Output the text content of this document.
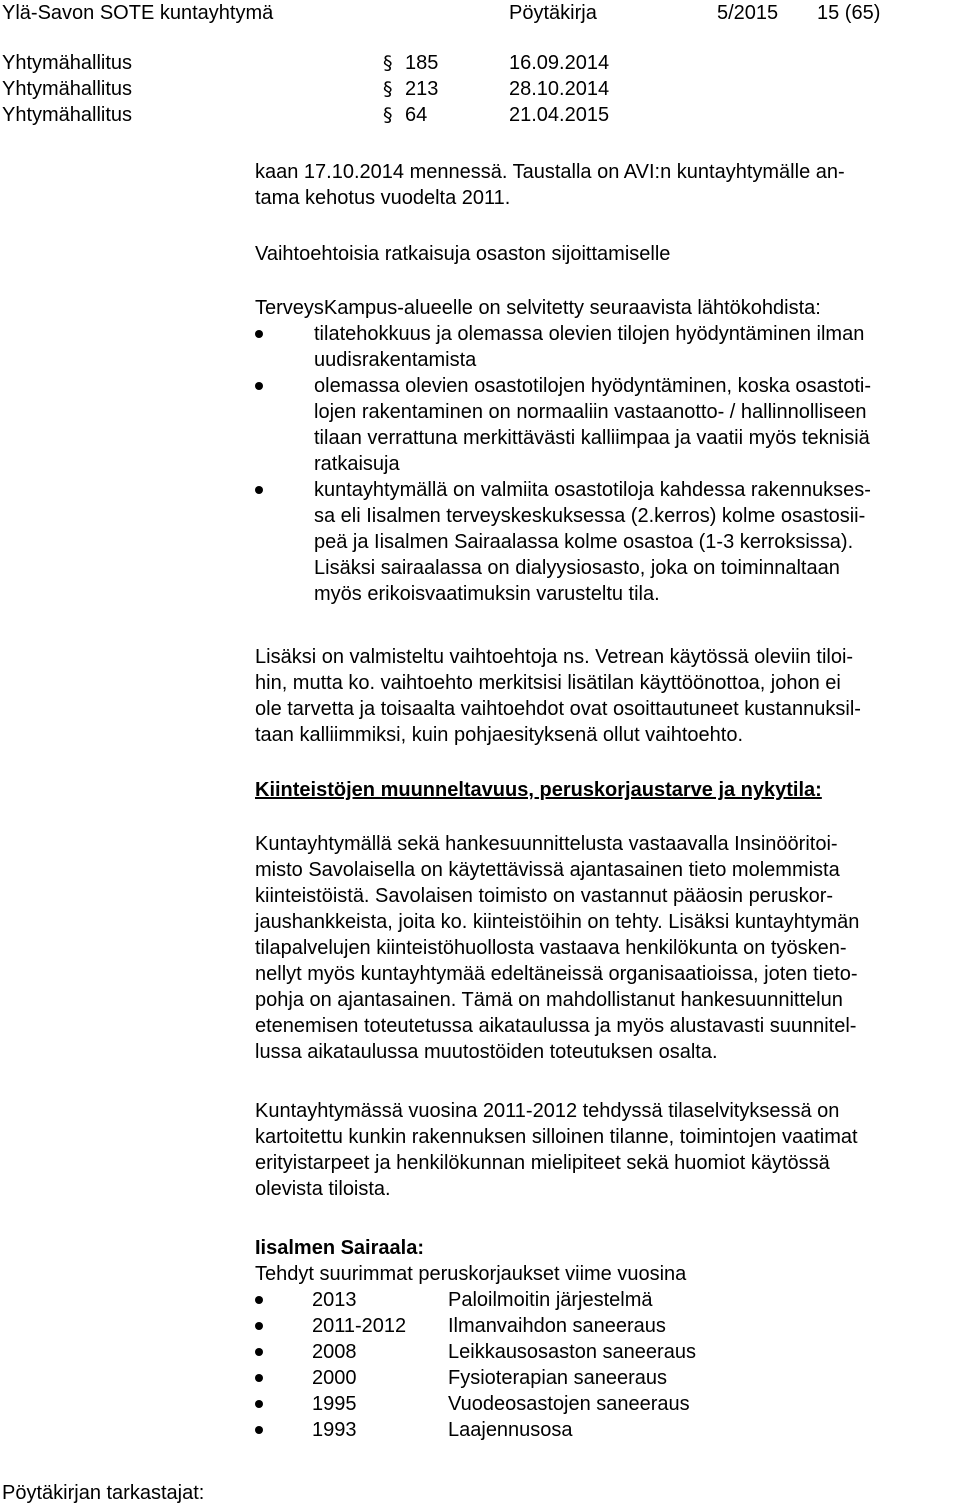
Ylä-Savon SOTE kuntayhtymä	Pöytäkirja	5/2015 15 (65)
Yhtymähallitus	§ 185	16.09.2014
Yhtymähallitus	§ 213	28.10.2014
Yhtymähallitus	§ 64	21.04.2015
kaan 17.10.2014 mennessä. Taustalla on AVI:n kuntayhtymälle an-
tama kehotus vuodelta 2011.
Vaihtoehtoisia ratkaisuja osaston sijoittamiselle
TerveysKampus-alueelle on selvitetty seuraavista lähtökohdista:
tilatehokkuus ja olemassa olevien tilojen hyödyntäminen ilman
uudisrakentamista
olemassa olevien osastotilojen hyödyntäminen, koska osastoti-
lojen rakentaminen on normaaliin vastaanotto- / hallinnolliseen
tilaan verrattuna merkittävästi kalliimpaa ja vaatii myös teknisiä
ratkaisuja
kuntayhtymällä on valmiita osastotiloja kahdessa rakennukses-
sa eli Iisalmen terveyskeskuksessa (2.kerros) kolme osastosii-
peä ja Iisalmen Sairaalassa kolme osastoa (1-3 kerroksissa).
Lisäksi sairaalassa on dialyysiosasto, joka on toiminnaltaan
myös erikoisvaatimuksin varusteltu tila.
Lisäksi on valmisteltu vaihtoehtoja ns. Vetrean käytössä oleviin tiloi-
hin, mutta ko. vaihtoehto merkitsisi lisätilan käyttöönottoa, johon ei
ole tarvetta ja toisaalta vaihtoehdot ovat osoittautuneet kustannuksil-
taan kalliimmiksi, kuin pohjaesityksenä ollut vaihtoehto.
Kiinteistöjen muunneltavuus, peruskorjaustarve ja nykytila:
Kuntayhtymällä sekä hankesuunnittelusta vastaavalla Insinööritoi-
misto Savolaisella on käytettävissä ajantasainen tieto molemmista
kiinteistöistä. Savolaisen toimisto on vastannut pääosin peruskor-
jaushankkeista, joita ko. kiinteistöihin on tehty. Lisäksi kuntayhtymän
tilapalvelujen kiinteistöhuollosta vastaava henkilökunta on työsken-
nellyt myös kuntayhtymää edeltäneissä organisaatioissa, joten tieto-
pohja on ajantasainen. Tämä on mahdollistanut hankesuunnittelun
etenemisen toteutetussa aikataulussa ja myös alustavasti suunnitel-
lussa aikataulussa muutostöiden toteutuksen osalta.
Kuntayhtymässä vuosina 2011-2012 tehdyssä tilaselvityksessä on
kartoitettu kunkin rakennuksen silloinen tilanne, toimintojen vaatimat
erityistarpeet ja henkilökunnan mielipiteet sekä huomiot käytössä
olevista tiloista.
Iisalmen Sairaala:
Tehdyt suurimmat peruskorjaukset viime vuosina
2013	Paloilmoitin järjestelmä
2011-2012 Ilmanvaihdon saneeraus
2008	Leikkausosaston saneeraus
2000	Fysioterapian saneeraus
1995	Vuodeosastojen saneeraus
1993	Laajennusosa
Pöytäkirjan tarkastajat:
